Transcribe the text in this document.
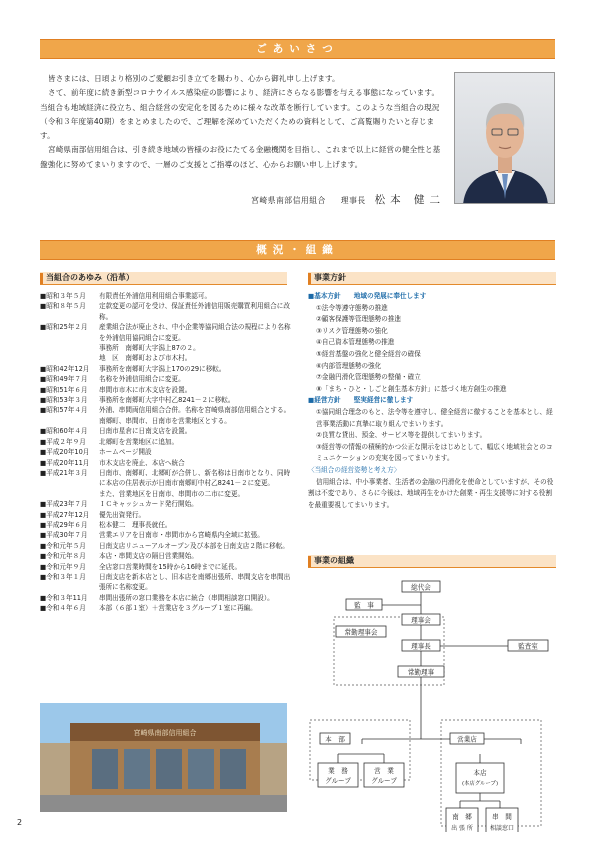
ごあいさつ

皆さまには、日頃より格別のご愛顧お引き立てを賜わり、心から御礼申し上げます。

さて、前年度に続き新型コロナウイルス感染症の影響により、経済にさらなる影響を与える事態になっています。当組合も地域経済に役立ち、組合経営の安定化を図るために様々な改革を断行しています。このような当組合の現況（令和３年度第40期）をまとめましたので、ご理解を深めていただくための資料として、ご高覧賜りたいと存じます。

宮崎県南部信用組合は、引き続き地域の皆様のお役にたてる金融機関を目指し、これまで以上に経営の健全性と基盤強化に努めてまいりますので、一層のご支援とご指導のほど、心からお願い申し上げます。

宮崎県南部信用組合 理事長 松本 健二
概況・組織
当組合のあゆみ（沿革）
■昭和３年５月	有限責任外浦信用利用組合事業認可。
■昭和８年５月	定款変更の認可を受け、保証責任外浦信用販売購買利用組合に改称。
■昭和25年２月	産業組合法が廃止され、中小企業等協同組合法の規程により名称を外浦信用協同組合に変更。
事務所　南郷町大字潟上87の２。
地　区　南郷町および市木村。
■昭和42年12月	事務所を南郷町大字潟上170の29に移転。
■昭和49年７月	名称を外浦信用組合に変更。
■昭和51年６月	串間市市木に市木支店を設置。
■昭和53年３月	事務所を南郷町大字中村乙8241－２に移転。
■昭和57年４月	外浦、串間両信用組合合併。名称を宮崎県南部信用組合とする。
南郷町、串間市、日南市を営業地区とする。
■昭和60年４月	日南市星倉に日南支店を設置。
■平成２年９月	北郷町を営業地区に追加。
■平成20年10月	ホームページ開設
■平成20年11月	市木支店を廃止、本店へ統合
■平成21年３月	日南市、南郷町、北郷町が合併し、新名称は日南市となり、同時に本店の住居表示が日南市南郷町中村乙8241－２に変更。
また、営業地区を日南市、串間市の二市に変更。
■平成23年７月	ＩＣキャッシュカード発行開始。
■平成27年12月	優先出資発行。
■平成29年６月	松本健二　理事長就任。
■平成30年７月	営業エリアを日南市・串間市から宮崎県内全域に拡張。
■令和元年５月	日南支店リニューアルオープン及び本部を日南支店２階に移転。
■令和元年８月	本店・串間支店の隔日営業開始。
■令和元年９月	全店窓口営業時間を15時から16時までに延長。
■令和３年１月	日南支店を新本店とし、旧本店を南郷出張所、串間支店を串間出張所に名称変更。
■令和３年11月	串間出張所の窓口業務を本店に統合（串間相談窓口開設）。
■令和４年６月	本部（６部１室）＋営業店を３グループ１室に再編。
事業方針
■基本方針　　地域の発展に奉仕します
①法令等遵守態勢の推進
②顧客保護等管理態勢の推進
③リスク管理態勢の強化
④自己資本管理態勢の推進
⑤経営基盤の強化と健全経営の確保
⑥内部管理態勢の強化
⑦金融円滑化管理態勢の整備・確立
⑧「まち・ひと・しごと創生基本方針」に基づく地方創生の推進
■経営方針　　堅実経営に徹します
①協同組合理念のもと、法令等を遵守し、健全経営に徹することを基本とし、経営事業活動に真摯に取り組んでまいります。
②良質な貸出、預金、サービス等を提供してまいります。
③経営等の情報の積極的かつ公正な開示をはじめとして、幅広く地域社会とのコミュニケーションの充実を図ってまいります。
〈当組合の経営姿勢と考え方〉
信用組合は、中小事業者、生活者の金融の円滑化を使命としていますが、その役割は不変であり、さらに今後は、地域再生をかけた創業・再生支援等に対する役割を最重要視してまいります。
事業の組織
総代会
監　事
理事会
常勤理事会
理事長	監査室
常勤理事
本　部	営業店
業　務
グループ
営　業
グループ
本店
(本店グループ)
南　郷
出 張 所
串　間
相談窓口
宮崎県南部信用組合
2
